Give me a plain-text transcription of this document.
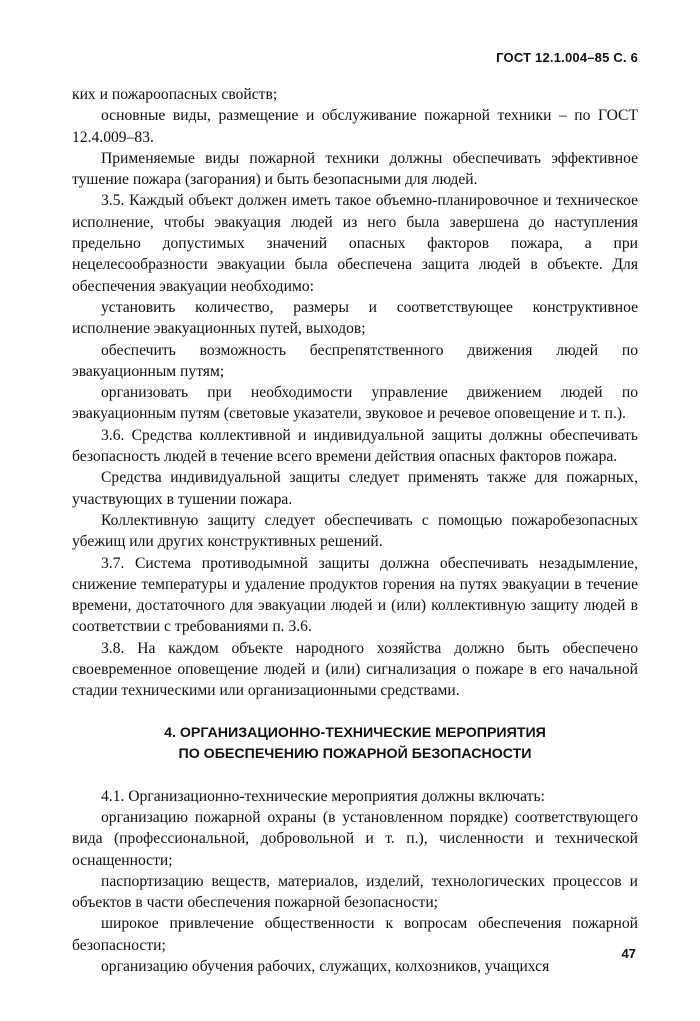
ГОСТ 12.1.004–85 С. 6

ких и пожароопасных свойств;

основные виды, размещение и обслуживание пожарной техники – по ГОСТ 12.4.009–83.

Применяемые виды пожарной техники должны обеспечивать эффективное тушение пожара (загорания) и быть безопасными для людей.

3.5. Каждый объект должен иметь такое объемно-планировочное и техническое исполнение, чтобы эвакуация людей из него была завершена до наступления предельно допустимых значений опасных факторов пожара, а при нецелесообразности эвакуации была обеспечена защита людей в объекте. Для обеспечения эвакуации необходимо:

установить количество, размеры и соответствующее конструктивное исполнение эвакуационных путей, выходов;

обеспечить возможность беспрепятственного движения людей по эвакуационным путям;

организовать при необходимости управление движением людей по эвакуационным путям (световые указатели, звуковое и речевое оповещение и т. п.).

3.6. Средства коллективной и индивидуальной защиты должны обеспечивать безопасность людей в течение всего времени действия опасных факторов пожара.

Средства индивидуальной защиты следует применять также для пожарных, участвующих в тушении пожара.

Коллективную защиту следует обеспечивать с помощью пожаробезопасных убежищ или других конструктивных решений.

3.7. Система противодымной защиты должна обеспечивать незадымление, снижение температуры и удаление продуктов горения на путях эвакуации в течение времени, достаточного для эвакуации людей и (или) коллективную защиту людей в соответствии с требованиями п. 3.6.

3.8. На каждом объекте народного хозяйства должно быть обеспечено своевременное оповещение людей и (или) сигнализация о пожаре в его начальной стадии техническими или организационными средствами.

4. ОРГАНИЗАЦИОННО-ТЕХНИЧЕСКИЕ МЕРОПРИЯТИЯ
ПО ОБЕСПЕЧЕНИЮ ПОЖАРНОЙ БЕЗОПАСНОСТИ

4.1. Организационно-технические мероприятия должны включать:

организацию пожарной охраны (в установленном порядке) соответствующего вида (профессиональной, добровольной и т. п.), численности и технической оснащенности;

паспортизацию веществ, материалов, изделий, технологических процессов и объектов в части обеспечения пожарной безопасности;

широкое привлечение общественности к вопросам обеспечения пожарной безопасности;

организацию обучения рабочих, служащих, колхозников, учащихся

47
